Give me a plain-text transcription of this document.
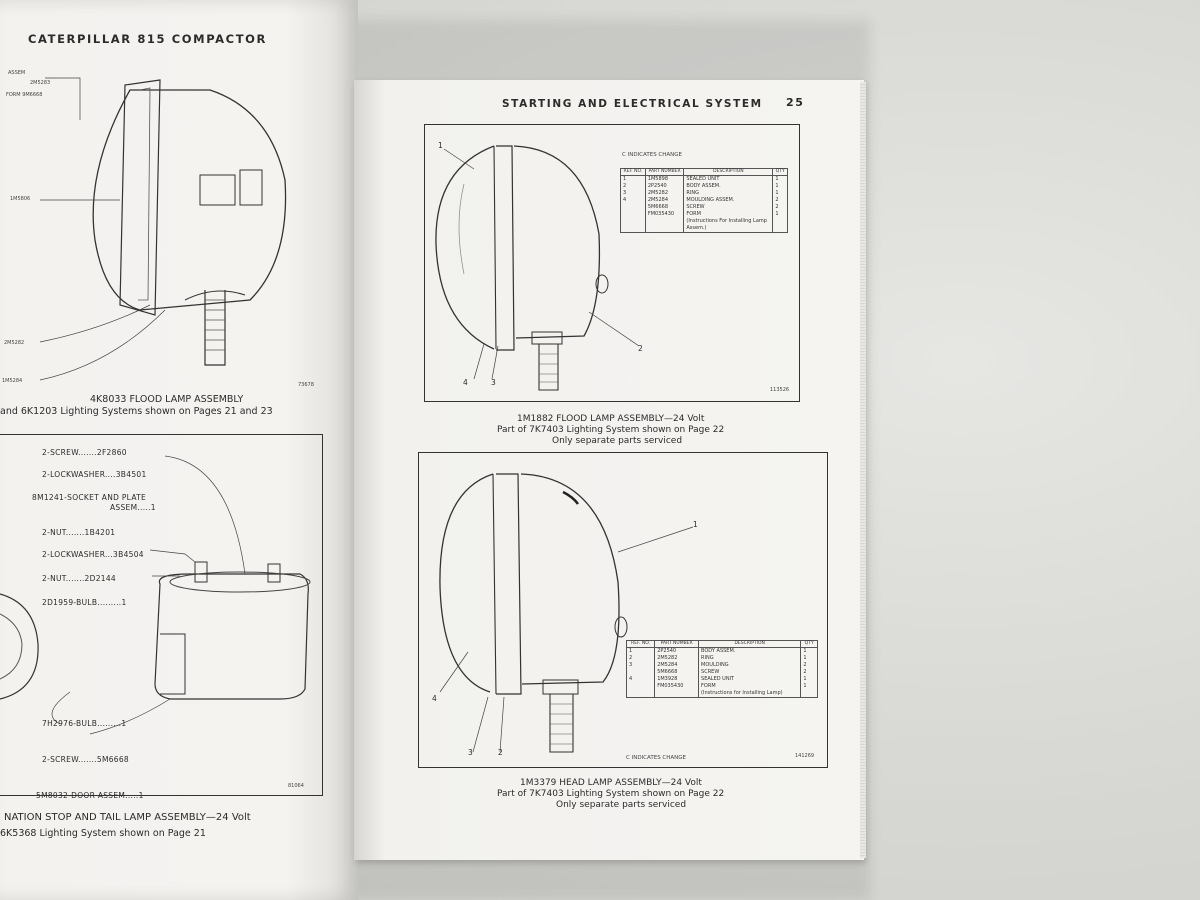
CATERPILLAR 815 COMPACTOR
ASSEM
2M5283
FORM 9M6668
1M5806
2M5282
1M5284
73678
4K8033 FLOOD LAMP ASSEMBLY
and 6K1203 Lighting Systems shown on Pages 21 and 23
2-SCREW.......2F2860
2-LOCKWASHER....3B4501
8M1241-SOCKET AND PLATE
ASSEM.....1
2-NUT.......1B4201
2-LOCKWASHER...3B4504
2-NUT.......2D2144
2D1959-BULB.........1
7H2976-BULB.........1
2-SCREW.......5M6668
5M8032-DOOR ASSEM.....1
81064
NATION STOP AND TAIL LAMP ASSEMBLY—24 Volt
6K5368 Lighting System shown on Page 21
STARTING AND ELECTRICAL SYSTEM 25
1
2
3
4
113526
C INDICATES CHANGE
REF. NO.	PART NUMBER	DESCRIPTION	QTY
1	1M5898	SEALED UNIT	1
2	2P2540	BODY ASSEM.	1
3	2M5282	RING	1
4	2M5284	MOULDING ASSEM.	2
	5M6668	SCREW	2
	FM035430	FORM	1
		(Instructions For Installing Lamp	
		Assem.)	
1M1882 FLOOD LAMP ASSEMBLY—24 Volt
Part of 7K7403 Lighting System shown on Page 22
Only separate parts serviced
1
2
3
4
141269
C INDICATES CHANGE
REF. NO.	PART NUMBER	DESCRIPTION	QTY
1	2P2540	BODY ASSEM.	1
2	2M5282	RING	1
3	2M5284	MOULDING	2
	5M6668	SCREW	2
4	1M3928	SEALED UNIT	1
	FM035430	FORM	1
		(Instructions for Installing Lamp)	
1M3379 HEAD LAMP ASSEMBLY—24 Volt
Part of 7K7403 Lighting System shown on Page 22
Only separate parts serviced
